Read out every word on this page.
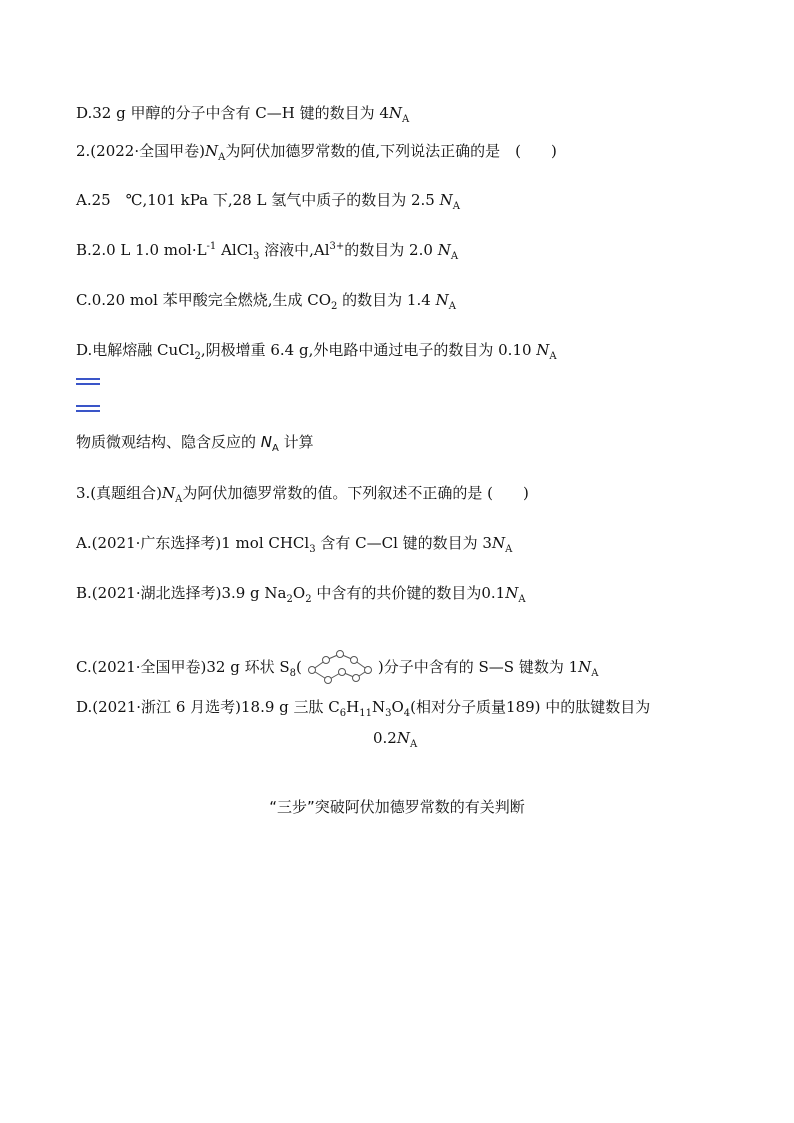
D.32 g 甲醇的分子中含有 C—H 键的数目为 $4N_A$
2.(2022·全国甲卷)$N_A$为阿伏加德罗常数的值,下列说法正确的是　(　　)
A.25　℃,101 kPa 下,28 L 氢气中质子的数目为 2.5 $N_A$
B.2.0 L 1.0 $mol\cdot L^{-1}$ AlCl$_3$ 溶液中$,Al^{3+}$的数目为 2.0 $N_A$
C.0.20 mol 苯甲酸完全燃烧,生成 $CO_2$ 的数目为 1.4 $N_A$
D.电解熔融 CuCl$_2$,阴极增重 6.4 g,外电路中通过电子的数目为 0.10 $N_A$
物质微观结构、隐含反应的 $N_A$ 计算
3.(真题组合)$N_A$为阿伏加德罗常数的值。下列叙述不正确的是 (　　)
A.(2021·广东选择考)1 mol CHCl$_3$ 含有 C—Cl 键的数目为 $3N_A$
B.(2021·湖北选择考)3.9 g $Na_2O_2$ 中含有的共价键的数目为$0.1N_A$
C.(2021·全国甲卷)32 g 环状 $S_8$(	)分子中含有的 S—S 键数为 $1N_A$
D.(2021·浙江 6 月选考)18.9 g 三肽 $C_6H_{11}N_3O_4$(相对分子质量189) 中的肽键数目为
$0.2N_A$
“三步”突破阿伏加德罗常数的有关判断
